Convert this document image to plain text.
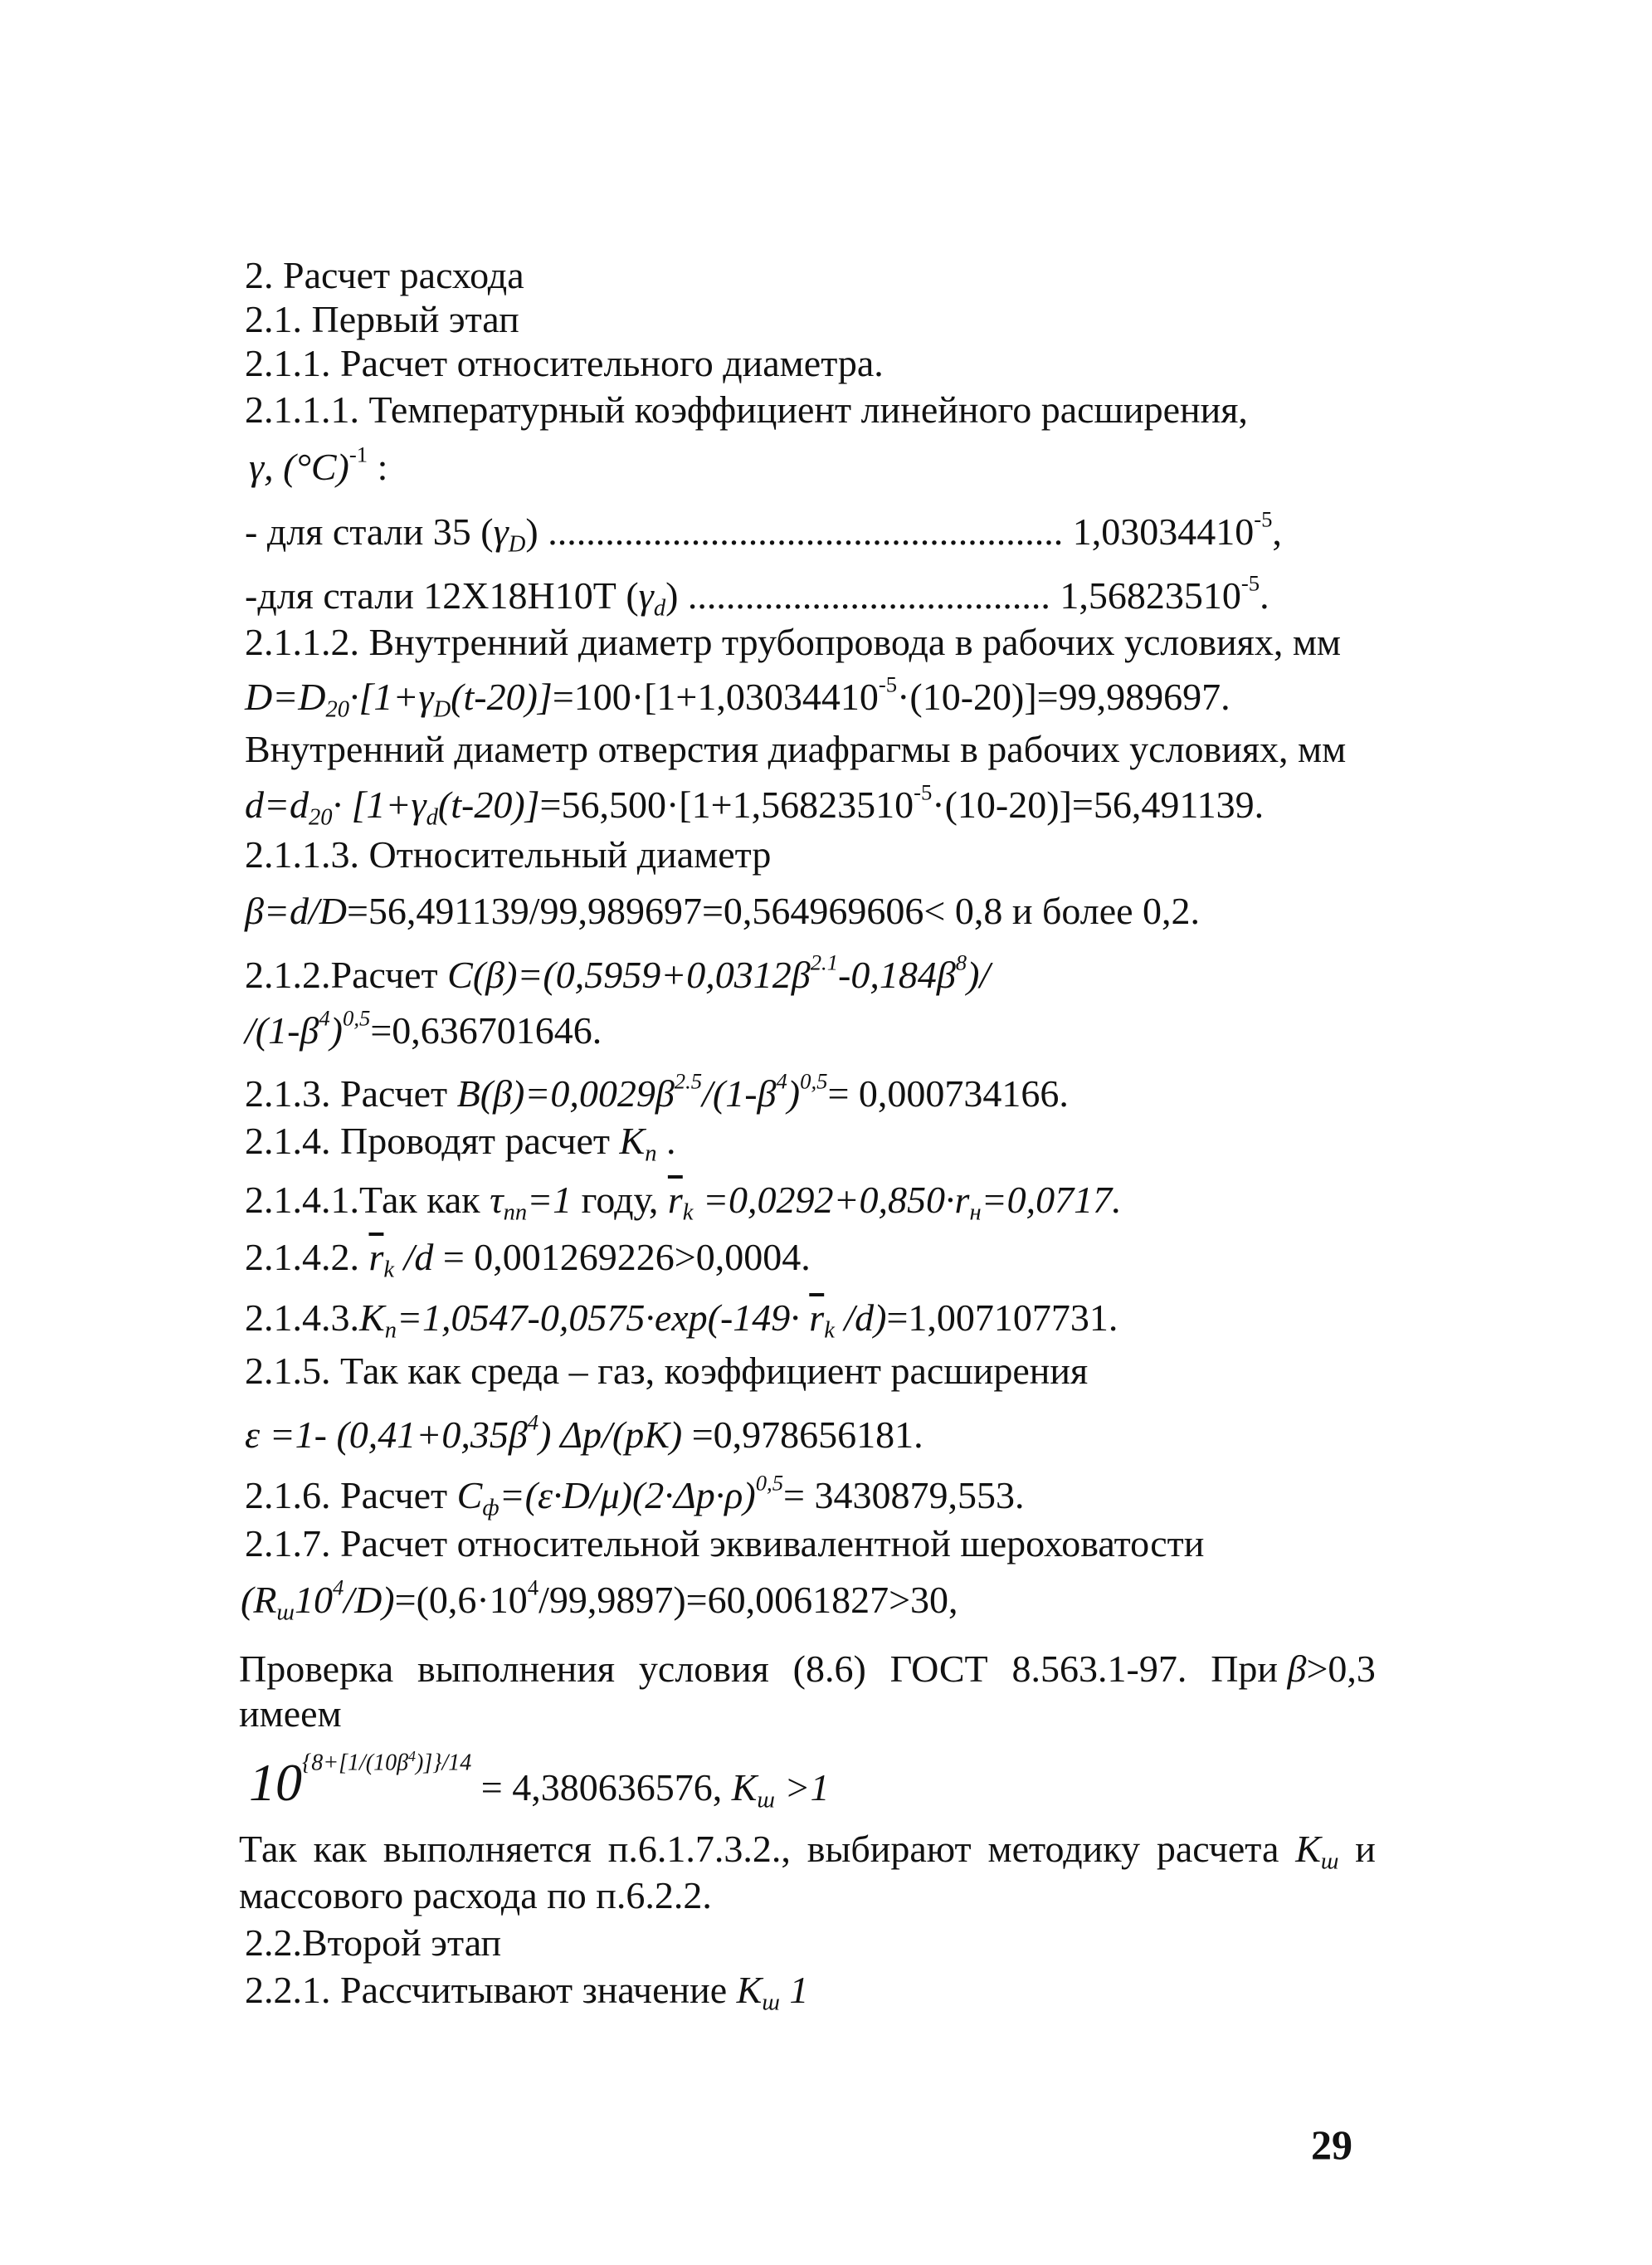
2. Расчет расхода
2.1. Первый этап
2.1.1. Расчет относительного диаметра.
2.1.1.1. Температурный коэффициент линейного расширения,
γ, $(^\circ C)^{-1}$ :
- для стали 35 $(\gamma_D)$ ...................................................... $1,03034410^{-5}$,
-для стали 12Х18Н10Т $(\gamma_d)$ ...................................... $1,56823510^{-5}$.
2.1.1.2. Внутренний диаметр трубопровода в рабочих условиях, мм
$D=D_{20}\cdot[1+\gamma_D(t-20)]=100\cdot[1+1,03034410^{-5}\cdot(10-20)]=99,989697$.
Внутренний диаметр отверстия диафрагмы в рабочих условиях, мм
$d=d_{20}\cdot [1+\gamma_d(t-20)]=56,500\cdot[1+1,56823510^{-5}\cdot(10-20)]=56,491139$.
2.1.1.3. Относительный диаметр
β=d/D=56,491139/99,989697=0,564969606< 0,8 и более 0,2.
2.1.2.Расчет $C(\beta)=(0,5959+0,0312\beta^{2.1}-0,184\beta^8)/$
$/(1-\beta^4)^{0,5}=0,636701646$.
2.1.3. Расчет $B(\beta)=0,0029\beta^{2.5}/(1-\beta^4)^{0,5}= 0,000734166$.
2.1.4. Проводят расчет $K_п$ .
2.1.4.1.Так как $\tau_{пп}=1$ году, $\overline{r}_k =0,0292+0,850\cdot r_н=0,0717$.
2.1.4.2. $\overline{r}_k$ /d = 0,001269226>0,0004.
$2.1.4.3.K_п=1,0547-0,0575\cdot\exp(-149\cdot \overline{r}_k$ /d)=1,007107731.
2.1.5. Так как среда – газ, коэффициент расширения
ε =1- $(0,41+0,35\beta^4)$ Δp/(pK) =0,978656181.
2.1.6. Расчет $C_ф=(\varepsilon\cdot D/\mu)(2\cdot\Delta p\cdot\rho)^{0,5}= 3430879,553$.
2.1.7. Расчет относительной эквивалентной шероховатости
$(R_ш10^4/D)=(0,6\cdot 10^4/99,9897)=60,0061827>30$,
Проверка выполнения условия (8.6) ГОСТ 8.563.1-97. При β>0,3
имеем
$10^{\{8+[1/(10\beta 4)]\}/14} = 4,380636576$, $K_ш >1$
Так как выполняется п.6.1.7.3.2., выбирают методику расчета $K_ш$ и
массового расхода по п.6.2.2.
2.2.Второй этап
2.2.1. Рассчитывают значение $K_ш$ 1
29
